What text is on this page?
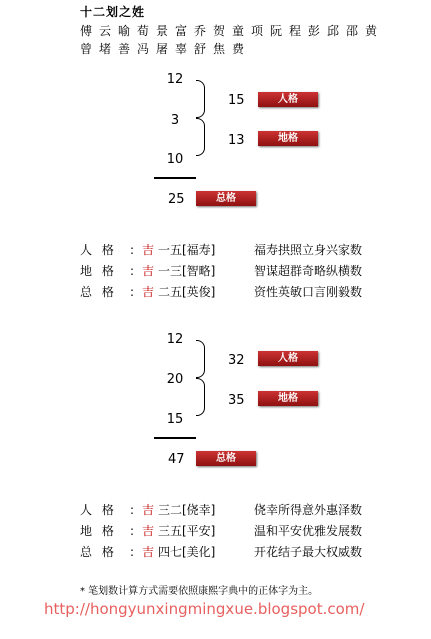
十二划之姓
傅云喻荀景富乔贺童项阮程彭邱邵黄
曾堵善冯屠辜舒焦费
12
3
10
15	人格
13	地格
25	总格
人 格 : 吉 一五[福寿]	福寿拱照立身兴家数
地 格 : 吉 一三[智略]	智谋超群奇略纵横数
总 格 : 吉 二五[英俊]	资性英敏口言刚毅数
12
20
15
32	人格
35	地格
47	总格
人 格 : 吉 三二[侥幸]	侥幸所得意外惠泽数
地 格 : 吉 三五[平安]	温和平安优雅发展数
总 格 : 吉 四七[美化]	开花结子最大权威数
* 笔划数计算方式需要依照康熙字典中的正体字为主。
http://hongyunxingmingxue.blogspot.com/
